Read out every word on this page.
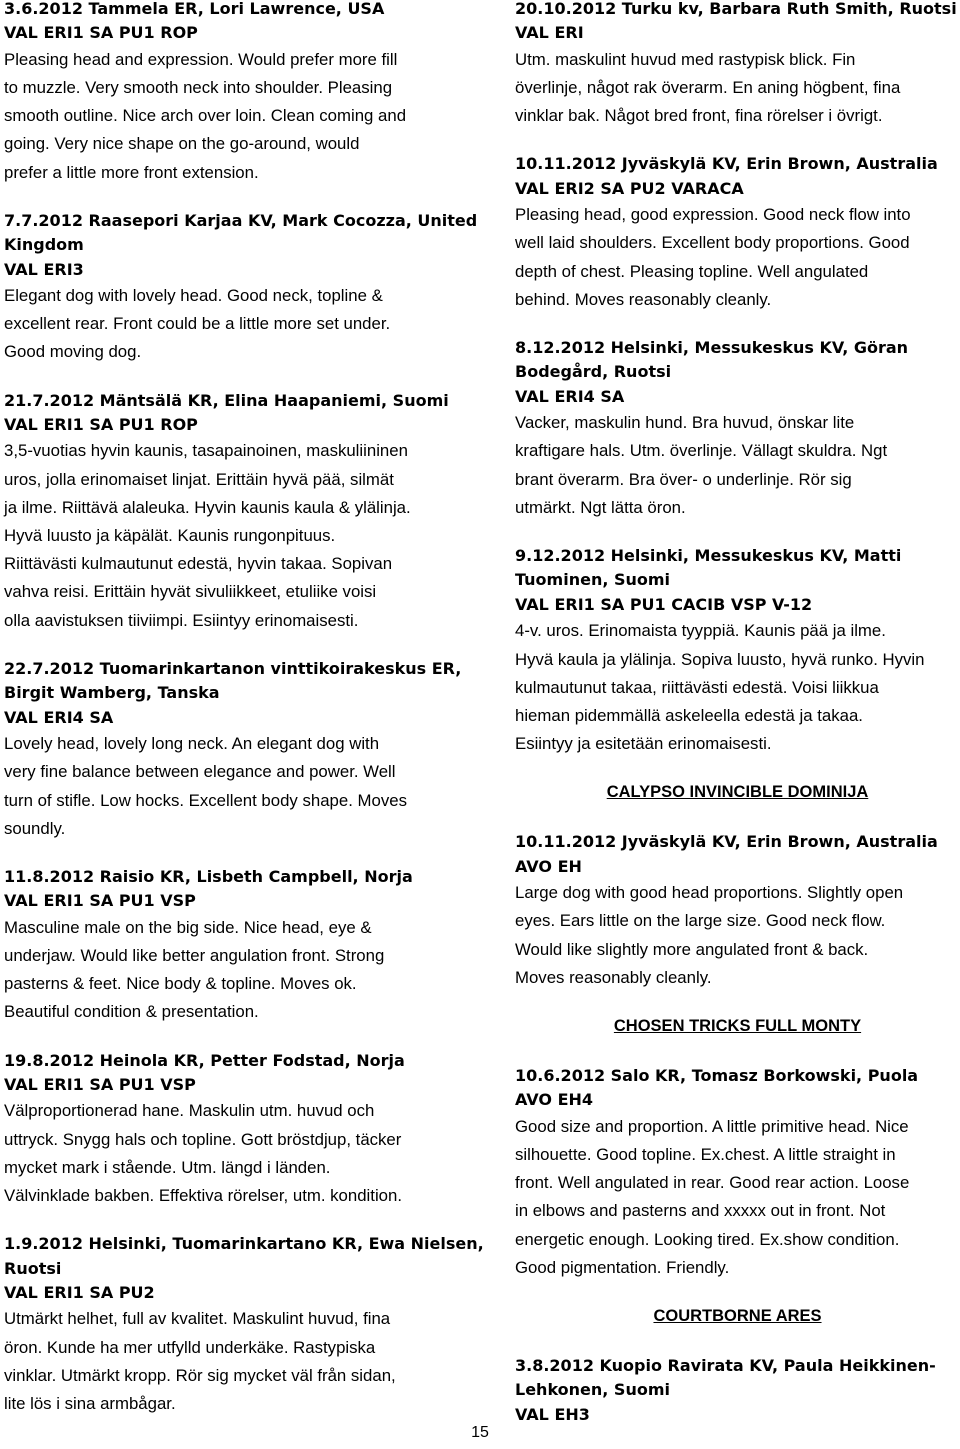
3.6.2012 Tammela ER, Lori Lawrence, USA
VAL ERI1 SA PU1 ROP
Pleasing head and expression. Would prefer more fill
to muzzle. Very smooth neck into shoulder. Pleasing
smooth outline. Nice arch over loin. Clean coming and
going. Very nice shape on the go-around, would
prefer a little more front extension.
7.7.2012 Raasepori Karjaa KV, Mark Cocozza, United
Kingdom
VAL ERI3
Elegant dog with lovely head. Good neck, topline &
excellent rear. Front could be a little more set under.
Good moving dog.
21.7.2012 Mäntsälä KR, Elina Haapaniemi, Suomi
VAL ERI1 SA PU1 ROP
3,5-vuotias hyvin kaunis, tasapainoinen, maskuliininen
uros, jolla erinomaiset linjat. Erittäin hyvä pää, silmät
ja ilme. Riittävä alaleuka. Hyvin kaunis kaula & ylälinja.
Hyvä luusto ja käpälät. Kaunis rungonpituus.
Riittävästi kulmautunut edestä, hyvin takaa. Sopivan
vahva reisi. Erittäin hyvät sivuliikkeet, etuliike voisi
olla aavistuksen tiiviimpi. Esiintyy erinomaisesti.
22.7.2012 Tuomarinkartanon vinttikoirakeskus ER,
Birgit Wamberg, Tanska
VAL ERI4 SA
Lovely head, lovely long neck. An elegant dog with
very fine balance between elegance and power. Well
turn of stifle. Low hocks. Excellent body shape. Moves
soundly.
11.8.2012 Raisio KR, Lisbeth Campbell, Norja
VAL ERI1 SA PU1 VSP
Masculine male on the big side. Nice head, eye &
underjaw. Would like better angulation front. Strong
pasterns & feet. Nice body & topline. Moves ok.
Beautiful condition & presentation.
19.8.2012 Heinola KR, Petter Fodstad, Norja
VAL ERI1 SA PU1 VSP
Välproportionerad hane. Maskulin utm. huvud och
uttryck. Snygg hals och topline. Gott bröstdjup, täcker
mycket mark i stående. Utm. längd i länden.
Välvinklade bakben. Effektiva rörelser, utm. kondition.
1.9.2012 Helsinki, Tuomarinkartano KR, Ewa Nielsen,
Ruotsi
VAL ERI1 SA PU2
Utmärkt helhet, full av kvalitet. Maskulint huvud, fina
öron. Kunde ha mer utfylld underkäke. Rastypiska
vinklar. Utmärkt kropp. Rör sig mycket väl från sidan,
lite lös i sina armbågar.
20.10.2012 Turku kv, Barbara Ruth Smith, Ruotsi
VAL ERI
Utm. maskulint huvud med rastypisk blick. Fin
överlinje, något rak överarm. En aning högbent, fina
vinklar bak. Något bred front, fina rörelser i övrigt.
10.11.2012 Jyväskylä KV, Erin Brown, Australia
VAL ERI2 SA PU2 VARACA
Pleasing head, good expression. Good neck flow into
well laid shoulders. Excellent body proportions. Good
depth of chest. Pleasing topline. Well angulated
behind. Moves reasonably cleanly.
8.12.2012 Helsinki, Messukeskus KV, Göran
Bodegård, Ruotsi
VAL ERI4 SA
Vacker, maskulin hund. Bra huvud, önskar lite
kraftigare hals. Utm. överlinje. Vällagt skuldra. Ngt
brant överarm. Bra över- o underlinje. Rör sig
utmärkt. Ngt lätta öron.
9.12.2012 Helsinki, Messukeskus KV, Matti
Tuominen, Suomi
VAL ERI1 SA PU1 CACIB VSP V-12
4-v. uros. Erinomaista tyyppiä. Kaunis pää ja ilme.
Hyvä kaula ja ylälinja. Sopiva luusto, hyvä runko. Hyvin
kulmautunut takaa, riittävästi edestä. Voisi liikkua
hieman pidemmällä askeleella edestä ja takaa.
Esiintyy ja esitetään erinomaisesti.
CALYPSO INVINCIBLE DOMINIJA
10.11.2012 Jyväskylä KV, Erin Brown, Australia
AVO EH
Large dog with good head proportions. Slightly open
eyes. Ears little on the large size. Good neck flow.
Would like slightly more angulated front & back.
Moves reasonably cleanly.
CHOSEN TRICKS FULL MONTY
10.6.2012 Salo KR, Tomasz Borkowski, Puola
AVO EH4
Good size and proportion. A little primitive head. Nice
silhouette. Good topline. Ex.chest. A little straight in
front. Well angulated in rear. Good rear action. Loose
in elbows and pasterns and xxxxx out in front. Not
energetic enough. Looking tired. Ex.show condition.
Good pigmentation. Friendly.
COURTBORNE ARES
3.8.2012 Kuopio Ravirata KV, Paula Heikkinen-
Lehkonen, Suomi
VAL EH3
15
